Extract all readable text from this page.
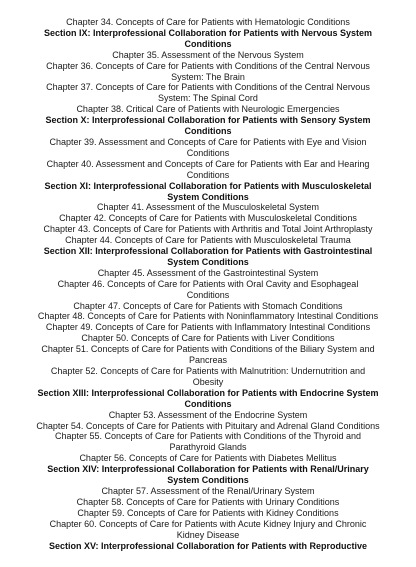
Chapter 34. Concepts of Care for Patients with Hematologic Conditions
Section IX: Interprofessional Collaboration for Patients with Nervous System Conditions
Chapter 35. Assessment of the Nervous System
Chapter 36. Concepts of Care for Patients with Conditions of the Central Nervous System: The Brain
Chapter 37. Concepts of Care for Patients with Conditions of the Central Nervous System: The Spinal Cord
Chapter 38. Critical Care of Patients with Neurologic Emergencies
Section X: Interprofessional Collaboration for Patients with Sensory System Conditions
Chapter 39. Assessment and Concepts of Care for Patients with Eye and Vision Conditions
Chapter 40. Assessment and Concepts of Care for Patients with Ear and Hearing Conditions
Section XI: Interprofessional Collaboration for Patients with Musculoskeletal System Conditions
Chapter 41. Assessment of the Musculoskeletal System
Chapter 42. Concepts of Care for Patients with Musculoskeletal Conditions
Chapter 43. Concepts of Care for Patients with Arthritis and Total Joint Arthroplasty
Chapter 44. Concepts of Care for Patients with Musculoskeletal Trauma
Section XII: Interprofessional Collaboration for Patients with Gastrointestinal System Conditions
Chapter 45. Assessment of the Gastrointestinal System
Chapter 46. Concepts of Care for Patients with Oral Cavity and Esophageal Conditions
Chapter 47. Concepts of Care for Patients with Stomach Conditions
Chapter 48. Concepts of Care for Patients with Noninflammatory Intestinal Conditions
Chapter 49. Concepts of Care for Patients with Inflammatory Intestinal Conditions
Chapter 50. Concepts of Care for Patients with Liver Conditions
Chapter 51. Concepts of Care for Patients with Conditions of the Biliary System and Pancreas
Chapter 52. Concepts of Care for Patients with Malnutrition: Undernutrition and Obesity
Section XIII: Interprofessional Collaboration for Patients with Endocrine System Conditions
Chapter 53. Assessment of the Endocrine System
Chapter 54. Concepts of Care for Patients with Pituitary and Adrenal Gland Conditions
Chapter 55. Concepts of Care for Patients with Conditions of the Thyroid and Parathyroid Glands
Chapter 56. Concepts of Care for Patients with Diabetes Mellitus
Section XIV: Interprofessional Collaboration for Patients with Renal/Urinary System Conditions
Chapter 57. Assessment of the Renal/Urinary System
Chapter 58. Concepts of Care for Patients with Urinary Conditions
Chapter 59. Concepts of Care for Patients with Kidney Conditions
Chapter 60. Concepts of Care for Patients with Acute Kidney Injury and Chronic Kidney Disease
Section XV: Interprofessional Collaboration for Patients with Reproductive
